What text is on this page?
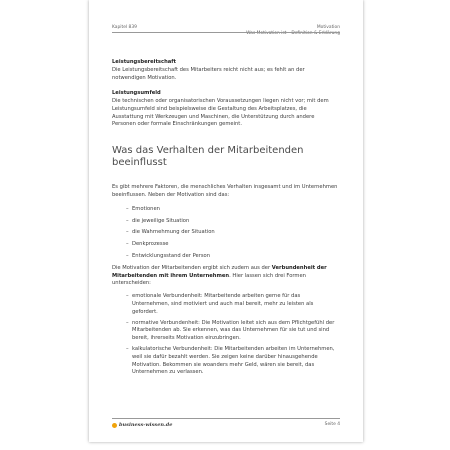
Kapitel 839	Motivation
Was Motivation ist – Definition & Erklärung

Leistungsbereitschaft

Die Leistungsbereitschaft des Mitarbeiters reicht nicht aus; es fehlt an der notwendigen Motivation.

Leistungsumfeld

Die technischen oder organisatorischen Voraussetzungen liegen nicht vor; mit dem Leistungsumfeld sind beispielsweise die Gestaltung des Arbeitsplatzes, die Ausstattung mit Werkzeugen und Maschinen, die Unterstützung durch andere Personen oder formale Einschränkungen gemeint.

Was das Verhalten der Mitarbeitenden beeinflusst

Es gibt mehrere Faktoren, die menschliches Verhalten insgesamt und im Unternehmen beeinflussen. Neben der Motivation sind das:

– Emotionen
– die jeweilige Situation
– die Wahrnehmung der Situation
– Denkprozesse
– Entwicklungsstand der Person

Die Motivation der Mitarbeitenden ergibt sich zudem aus der Verbundenheit der Mitarbeitenden mit ihrem Unternehmen. Hier lassen sich drei Formen unterscheiden:

– emotionale Verbundenheit: Mitarbeitende arbeiten gerne für das Unternehmen, sind motiviert und auch mal bereit, mehr zu leisten als gefordert.
– normative Verbundenheit: Die Motivation leitet sich aus dem Pflichtgefühl der Mitarbeitenden ab. Sie erkennen, was das Unternehmen für sie tut und sind bereit, ihrerseits Motivation einzubringen.
– kalkulatorische Verbundenheit: Die Mitarbeitenden arbeiten im Unternehmen, weil sie dafür bezahlt werden. Sie zeigen keine darüber hinausgehende Motivation. Bekommen sie woanders mehr Geld, wären sie bereit, das Unternehmen zu verlassen.
business-wissen.de	Seite 4
